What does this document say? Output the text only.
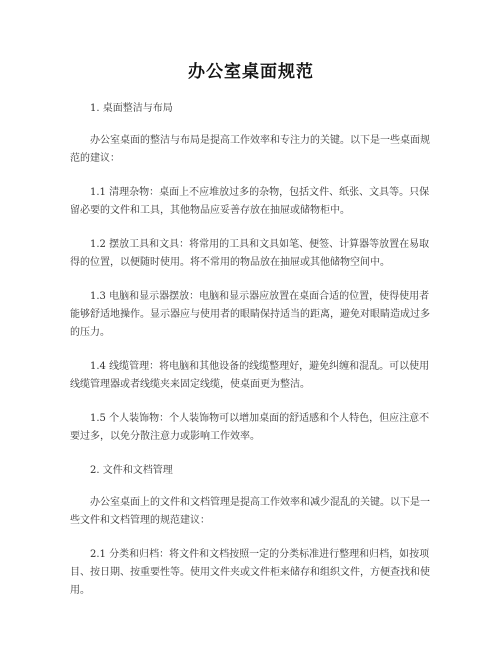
办公室桌面规范

1. 桌面整洁与布局

办公室桌面的整洁与布局是提高工作效率和专注力的关键。以下是一些桌面规范的建议：

1.1 清理杂物：桌面上不应堆放过多的杂物，包括文件、纸张、文具等。只保留必要的文件和工具，其他物品应妥善存放在抽屉或储物柜中。

1.2 摆放工具和文具：将常用的工具和文具如笔、便签、计算器等放置在易取得的位置，以便随时使用。将不常用的物品放在抽屉或其他储物空间中。

1.3 电脑和显示器摆放：电脑和显示器应放置在桌面合适的位置，使得使用者能够舒适地操作。显示器应与使用者的眼睛保持适当的距离，避免对眼睛造成过多的压力。

1.4 线缆管理：将电脑和其他设备的线缆整理好，避免纠缠和混乱。可以使用线缆管理器或者线缆夹来固定线缆，使桌面更为整洁。

1.5 个人装饰物：个人装饰物可以增加桌面的舒适感和个人特色，但应注意不要过多，以免分散注意力或影响工作效率。

2. 文件和文档管理

办公室桌面上的文件和文档管理是提高工作效率和减少混乱的关键。以下是一些文件和文档管理的规范建议：

2.1 分类和归档：将文件和文档按照一定的分类标准进行整理和归档，如按项目、按日期、按重要性等。使用文件夹或文件柜来储存和组织文件，方便查找和使用。
